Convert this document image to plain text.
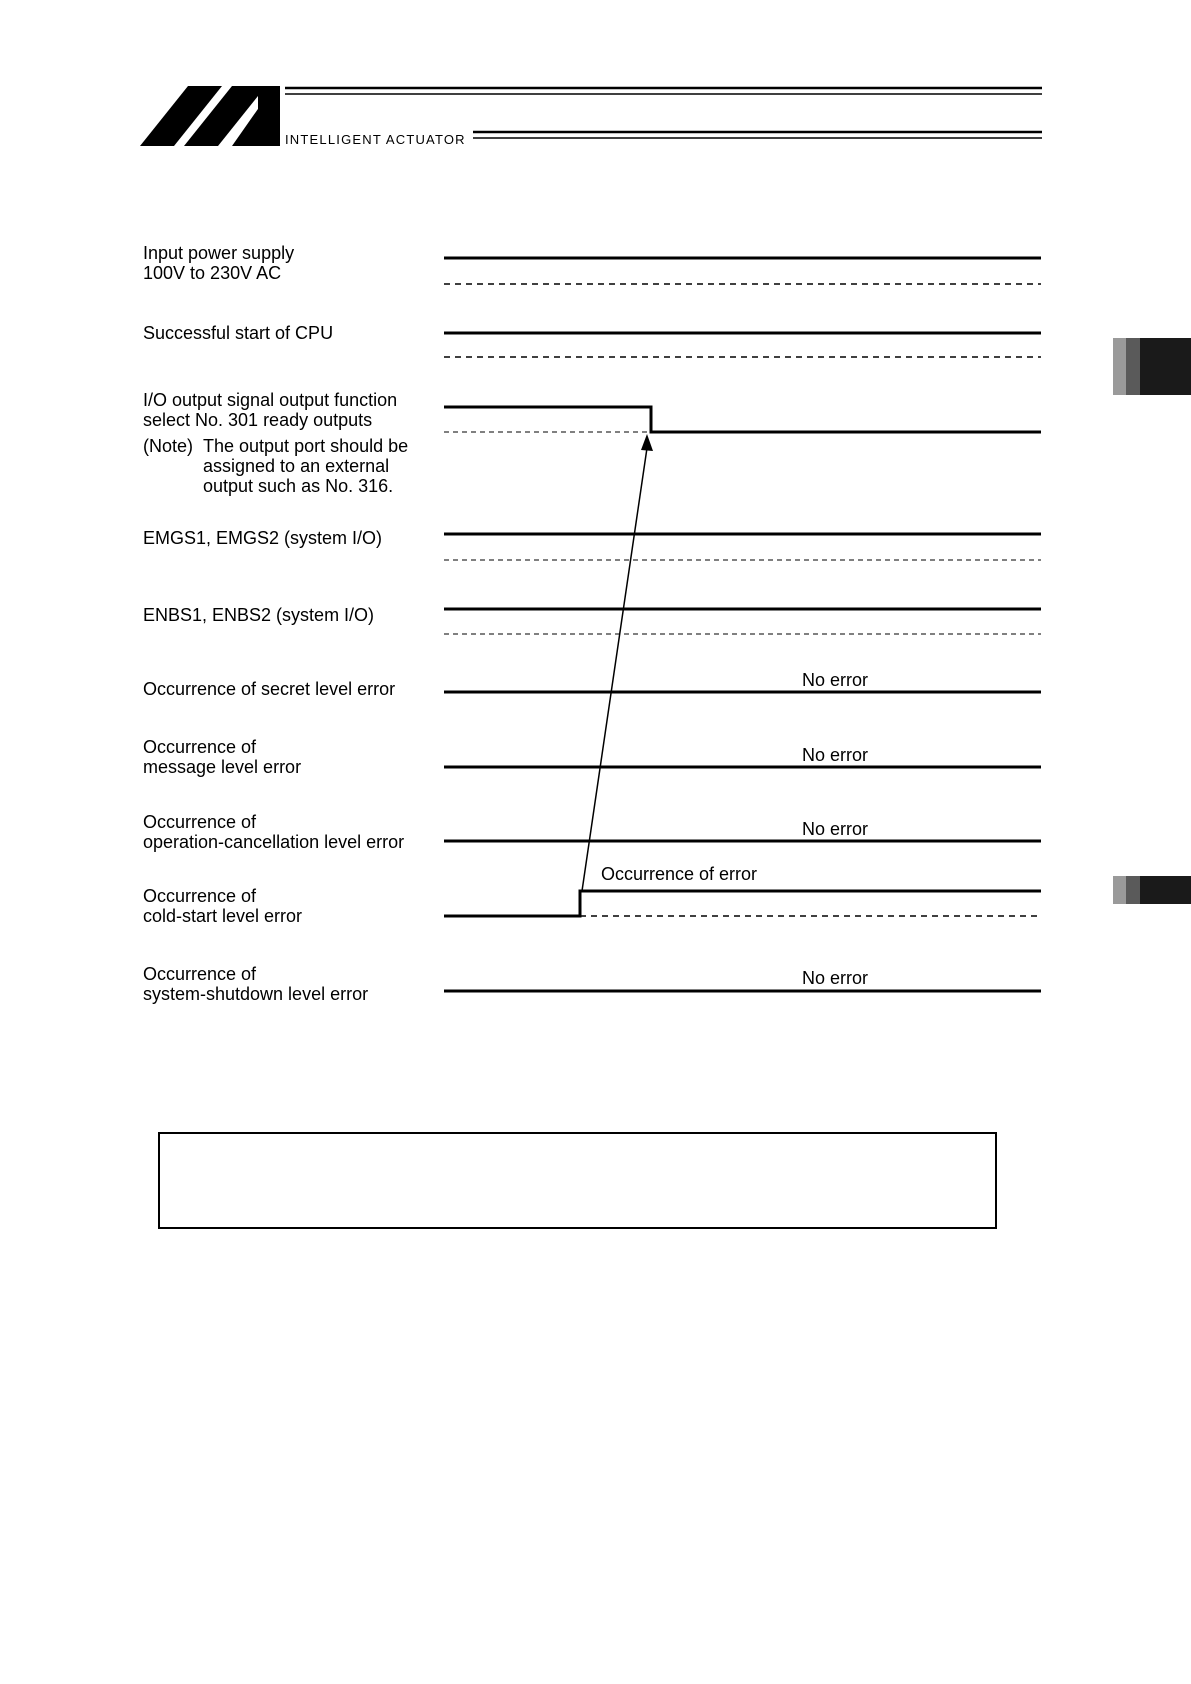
INTELLIGENT ACTUATOR
Input power supply
100V to 230V AC
Successful start of CPU
I/O output signal output function
select No. 301 ready outputs
(Note) The output port should be
assigned to an external
output such as No. 316.
EMGS1, EMGS2 (system I/O)
ENBS1, ENBS2 (system I/O)
Occurrence of secret level error
Occurrence of
message level error
Occurrence of
operation-cancellation level error
Occurrence of
cold-start level error
Occurrence of
system-shutdown level error
No error
No error
No error
Occurrence of error
No error
